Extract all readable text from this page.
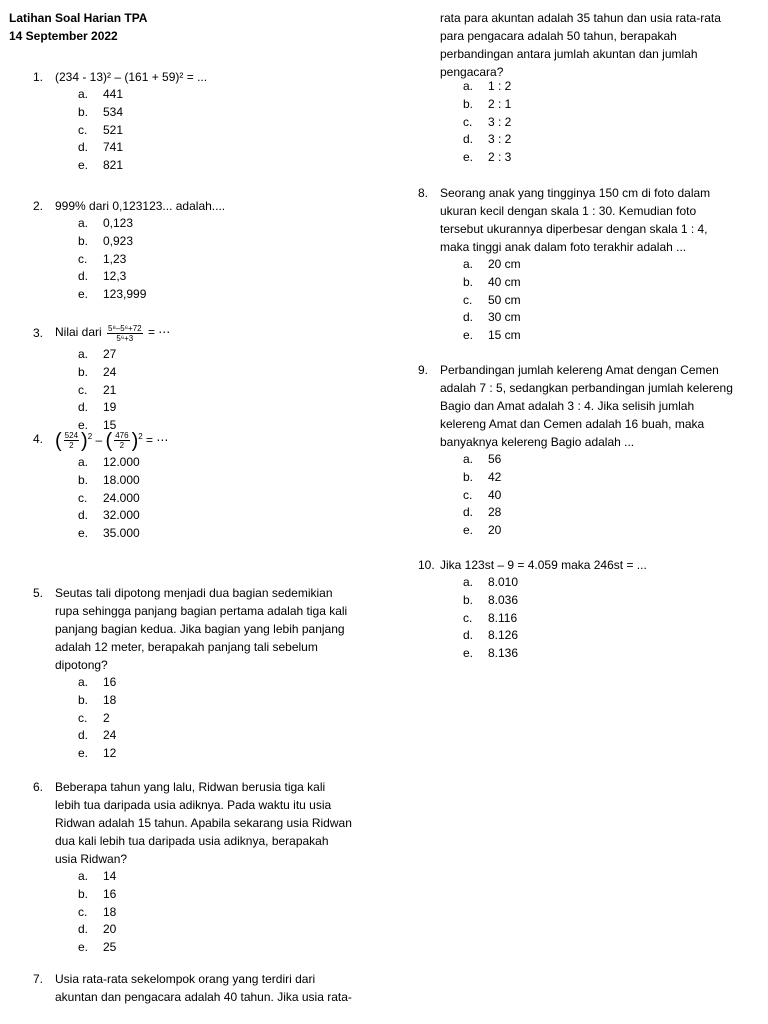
Latihan Soal Harian TPA
14 September 2022
1. (234 - 13)² – (161 + 59)² = ...
a.	441
b.	534
c.	521
d.	741
e.	821
2. 999% dari 0,123123... adalah....
a.	0,123
b.	0,923
c.	1,23
d.	12,3
e.	123,999
3. Nilai dari $\frac{\text{5⁸–5⁶+72}}{\text{5⁶+3}}$ = ⋯
a.	27
b.	24
c.	21
d.	19
e.	15
4. ( $\frac{524}{2} )^2$ – ( $\frac{476}{2} )^2$ = ⋯
a.	12.000
b.	18.000
c.	24.000
d.	32.000
e.	35.000
5. Seutas tali dipotong menjadi dua bagian sedemikian
rupa sehingga panjang bagian pertama adalah tiga kali
panjang bagian kedua. Jika bagian yang lebih panjang
adalah 12 meter, berapakah panjang tali sebelum
dipotong?
a.	16
b.	18
c.	2
d.	24
e.	12
6. Beberapa tahun yang lalu, Ridwan berusia tiga kali
lebih tua daripada usia adiknya. Pada waktu itu usia
Ridwan adalah 15 tahun. Apabila sekarang usia Ridwan
dua kali lebih tua daripada usia adiknya, berapakah
usia Ridwan?
a.	14
b.	16
c.	18
d.	20
e.	25
7. Usia rata-rata sekelompok orang yang terdiri dari
akuntan dan pengacara adalah 40 tahun. Jika usia rata-
rata para akuntan adalah 35 tahun dan usia rata-rata
para pengacara adalah 50 tahun, berapakah
perbandingan antara jumlah akuntan dan jumlah
pengacara?
a.	1 : 2
b.	2 : 1
c.	3 : 2
d.	3 : 2
e.	2 : 3
8. Seorang anak yang tingginya 150 cm di foto dalam
ukuran kecil dengan skala 1 : 30. Kemudian foto
tersebut ukurannya diperbesar dengan skala 1 : 4,
maka tinggi anak dalam foto terakhir adalah ...
a.	20 cm
b.	40 cm
c.	50 cm
d.	30 cm
e.	15 cm
9. Perbandingan jumlah kelereng Amat dengan Cemen
adalah 7 : 5, sedangkan perbandingan jumlah kelereng
Bagio dan Amat adalah 3 : 4. Jika selisih jumlah
kelereng Amat dan Cemen adalah 16 buah, maka
banyaknya kelereng Bagio adalah ...
a.	56
b.	42
c.	40
d.	28
e.	20
10. Jika 123st – 9 = 4.059 maka 246st = ...
a.	8.010
b.	8.036
c.	8.116
d.	8.126
e.	8.136
